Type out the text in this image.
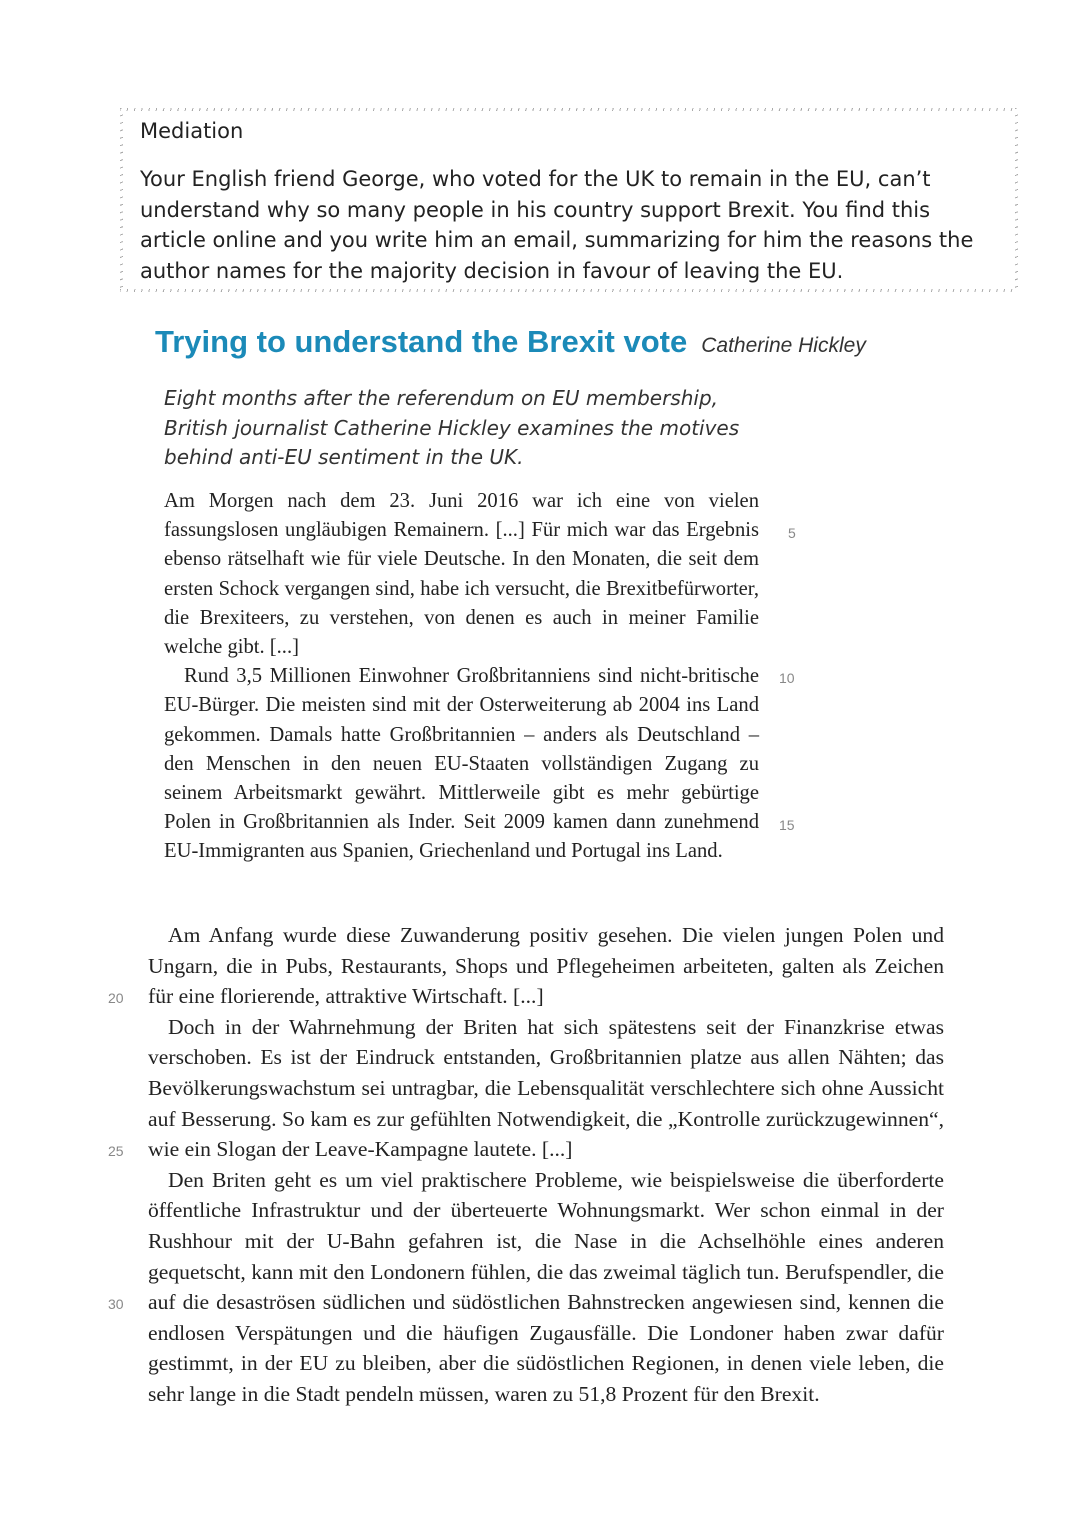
Mediation

Your English friend George, who voted for the UK to remain in the EU, can’t understand why so many people in his country support Brexit. You find this article online and you write him an email, summarizing for him the reasons the author names for the majority decision in favour of leaving the EU.

Trying to understand the Brexit vote Catherine Hickley

Eight months after the referendum on EU membership, British journalist Catherine Hickley examines the motives behind anti-EU sentiment in the UK.

Am Morgen nach dem 23. Juni 2016 war ich eine von vielen fassungslosen ungläubigen Remainern. [...] Für mich war das Ergebnis ebenso rätselhaft wie für viele Deutsche. In den Monaten, die seit dem ersten Schock vergangen sind, habe ich versucht, die Brexitbefürworter, die Brexiteers, zu verstehen, von denen es auch in meiner Familie welche gibt. [...]

Rund 3,5 Millionen Einwohner Großbritanniens sind nicht-britische EU-Bürger. Die meisten sind mit der Osterweiterung ab 2004 ins Land gekommen. Damals hatte Großbritannien – anders als Deutschland – den Menschen in den neuen EU-Staaten vollständigen Zugang zu seinem Arbeitsmarkt gewährt. Mittlerweile gibt es mehr gebürtige Polen in Großbritannien als Inder. Seit 2009 kamen dann zunehmend EU-Immigranten aus Spanien, Griechenland und Portugal ins Land.

Am Anfang wurde diese Zuwanderung positiv gesehen. Die vielen jungen Polen und Ungarn, die in Pubs, Restaurants, Shops und Pflegeheimen arbeiteten, galten als Zeichen für eine florierende, attraktive Wirtschaft. [...]

Doch in der Wahrnehmung der Briten hat sich spätestens seit der Finanzkrise etwas verschoben. Es ist der Eindruck entstanden, Großbritannien platze aus allen Nähten; das Bevölkerungswachstum sei untragbar, die Lebensqualität verschlechtere sich ohne Aussicht auf Besserung. So kam es zur gefühlten Notwendigkeit, die „Kontrolle zurückzugewinnen“, wie ein Slogan der Leave-Kampagne lautete. [...]

Den Briten geht es um viel praktischere Probleme, wie beispielsweise die überforderte öffentliche Infrastruktur und der überteuerte Wohnungsmarkt. Wer schon einmal in der Rushhour mit der U-Bahn gefahren ist, die Nase in die Achselhöhle eines anderen gequetscht, kann mit den Londonern fühlen, die das zweimal täglich tun. Berufspendler, die auf die desaströsen südlichen und südöstlichen Bahnstrecken angewiesen sind, kennen die endlosen Verspätungen und die häufigen Zugausfälle. Die Londoner haben zwar dafür gestimmt, in der EU zu bleiben, aber die südöstlichen Regionen, in denen viele leben, die sehr lange in die Stadt pendeln müssen, waren zu 51,8 Prozent für den Brexit.

5
10
15
20
25
30
